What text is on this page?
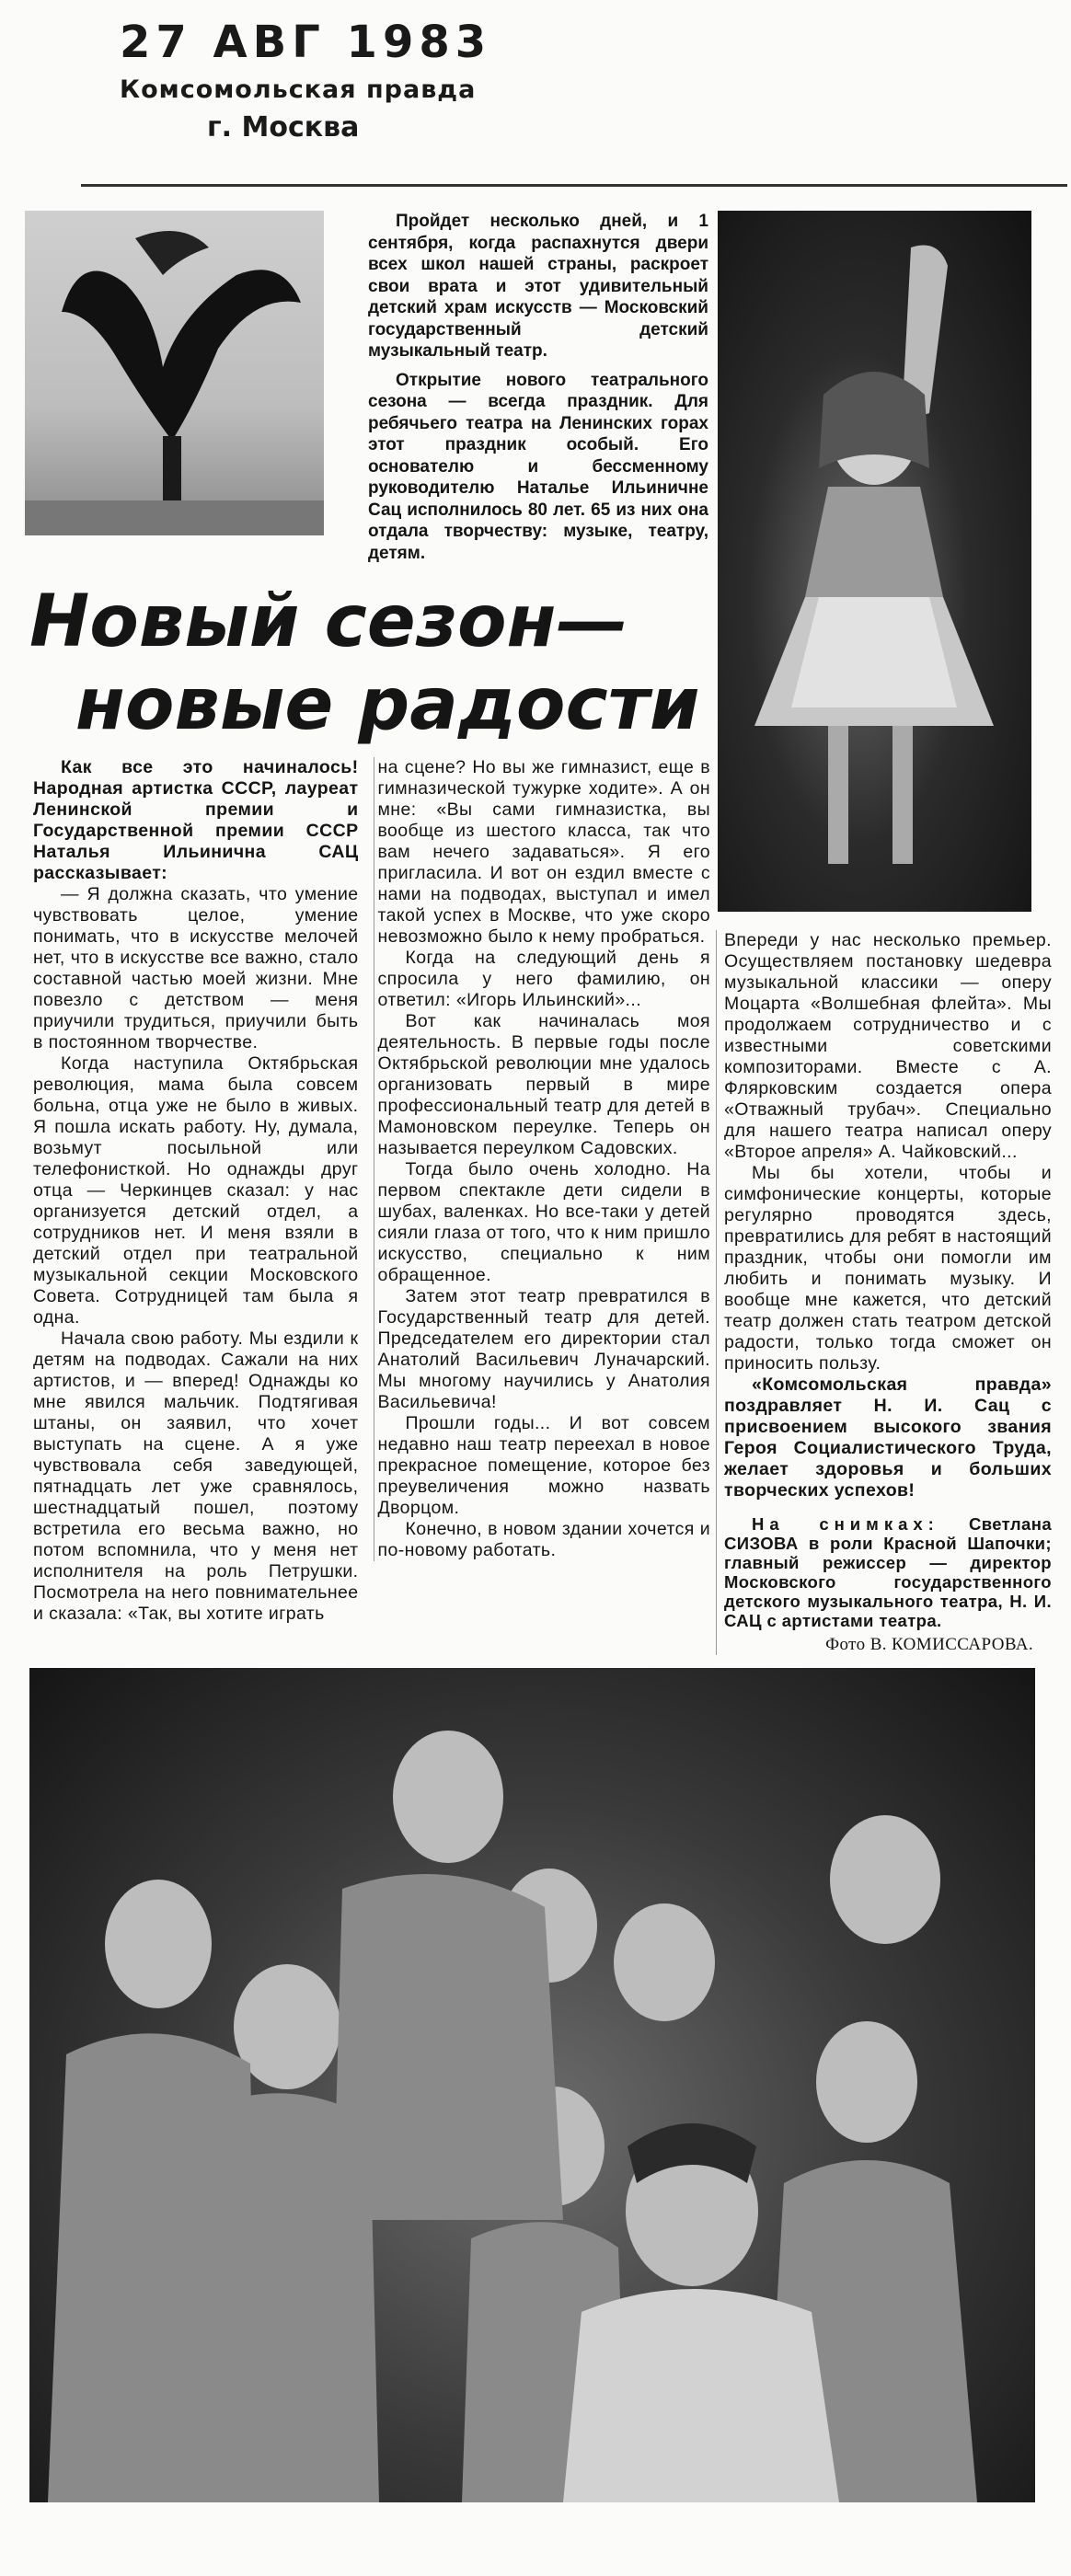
27 АВГ 1983
Комсомольская правда
г. Москва

Пройдет несколько дней, и 1 сентября, когда распахнутся двери всех школ нашей страны, раскроет свои врата и этот удивительный детский храм искусств — Московский государственный детский музыкальный театр.

Открытие нового театрального сезона — всегда праздник. Для ребячьего театра на Ленинских горах этот праздник особый. Его основателю и бессменному руководителю Наталье Ильиничне Сац исполнилось 80 лет. 65 из них она отдала творчеству: музыке, театру, детям.

Новый сезон—
новые радости

Как все это начиналось! Народная артистка СССР, лауреат Ленинской премии и Государственной премии СССР Наталья Ильинична САЦ рассказывает:

— Я должна сказать, что умение чувствовать целое, умение понимать, что в искусстве мелочей нет, что в искусстве все важно, стало составной частью моей жизни. Мне повезло с детством — меня приучили трудиться, приучили быть в постоянном творчестве.

Когда наступила Октябрьская революция, мама была совсем больна, отца уже не было в живых. Я пошла искать работу. Ну, думала, возьмут посыльной или телефонисткой. Но однажды друг отца — Черкинцев сказал: у нас организуется детский отдел, а сотрудников нет. И меня взяли в детский отдел при театральной музыкальной секции Московского Совета. Сотрудницей там была я одна.

Начала свою работу. Мы ездили к детям на подводах. Сажали на них артистов, и — вперед! Однажды ко мне явился мальчик. Подтягивая штаны, он заявил, что хочет выступать на сцене. А я уже чувствовала себя заведующей, пятнадцать лет уже сравнялось, шестнадцатый пошел, поэтому встретила его весьма важно, но потом вспомнила, что у меня нет исполнителя на роль Петрушки. Посмотрела на него повнимательнее и сказала: «Так, вы хотите играть

на сцене? Но вы же гимназист, еще в гимназической тужурке ходите». А он мне: «Вы сами гимназистка, вы вообще из шестого класса, так что вам нечего задаваться». Я его пригласила. И вот он ездил вместе с нами на подводах, выступал и имел такой успех в Москве, что уже скоро невозможно было к нему пробраться.

Когда на следующий день я спросила у него фамилию, он ответил: «Игорь Ильинский»...

Вот как начиналась моя деятельность. В первые годы после Октябрьской революции мне удалось организовать первый в мире профессиональный театр для детей в Мамоновском переулке. Теперь он называется переулком Садовских.

Тогда было очень холодно. На первом спектакле дети сидели в шубах, валенках. Но все-таки у детей сияли глаза от того, что к ним пришло искусство, специально к ним обращенное.

Затем этот театр превратился в Государственный театр для детей. Председателем его директории стал Анатолий Васильевич Луначарский. Мы многому научились у Анатолия Васильевича!

Прошли годы... И вот совсем недавно наш театр переехал в новое прекрасное помещение, которое без преувеличения можно назвать Дворцом.

Конечно, в новом здании хочется и по-новому работать.

Впереди у нас несколько премьер. Осуществляем постановку шедевра музыкальной классики — оперу Моцарта «Волшебная флейта». Мы продолжаем сотрудничество и с известными советскими композиторами. Вместе с А. Флярковским создается опера «Отважный трубач». Специально для нашего театра написал оперу «Второе апреля» А. Чайковский...

Мы бы хотели, чтобы и симфонические концерты, которые регулярно проводятся здесь, превратились для ребят в настоящий праздник, чтобы они помогли им любить и понимать музыку. И вообще мне кажется, что детский театр должен стать театром детской радости, только тогда сможет он приносить пользу.

«Комсомольская правда» поздравляет Н. И. Сац с присвоением высокого звания Героя Социалистического Труда, желает здоровья и больших творческих успехов!

На снимках: Светлана СИЗОВА в роли Красной Шапочки; главный режиссер — директор Московского государственного детского музыкального театра, Н. И. САЦ с артистами театра.

Фото В. КОМИССАРОВА.
